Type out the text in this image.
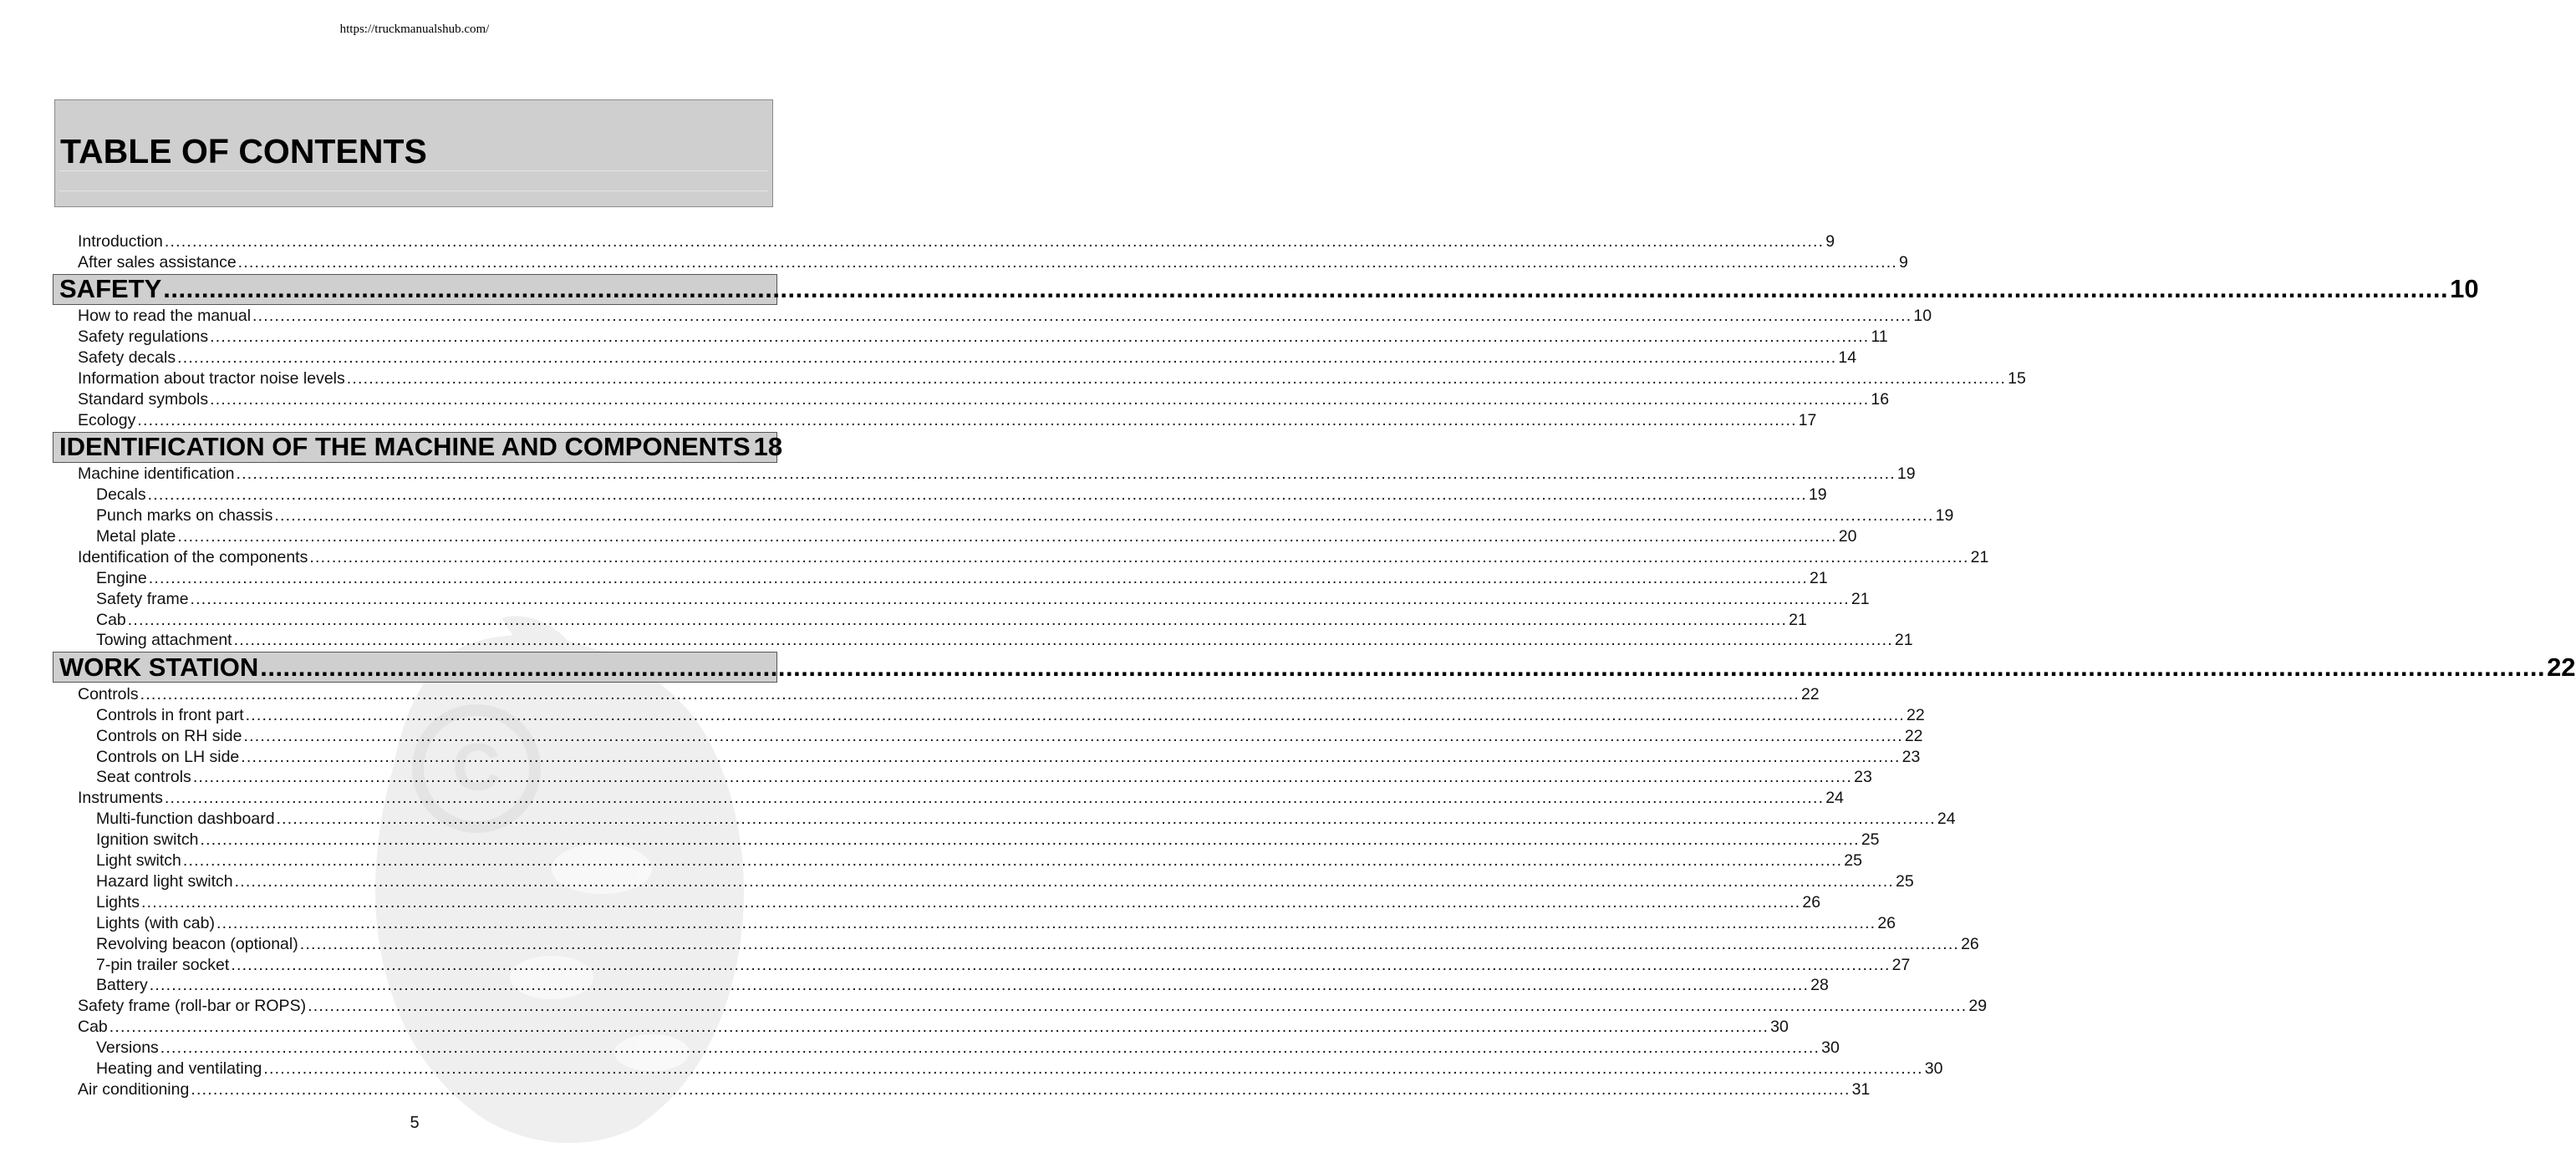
https://truckmanualshub.com/
C
TABLE OF CONTENTS
Introduction ............................................................................................................................................................................................................................................................................................................ 9
After sales assistance ............................................................................................................................................................................................................................................................................................................ 9
SAFETY ............................................................................................................................................................................................................................................................................................................ 10
How to read the manual ............................................................................................................................................................................................................................................................................................................ 10
Safety regulations ............................................................................................................................................................................................................................................................................................................ 11
Safety decals ............................................................................................................................................................................................................................................................................................................ 14
Information about tractor noise levels ............................................................................................................................................................................................................................................................................................................ 15
Standard symbols ............................................................................................................................................................................................................................................................................................................ 16
Ecology ............................................................................................................................................................................................................................................................................................................ 17
IDENTIFICATION OF THE MACHINE AND COMPONENTS 18
Machine identification ............................................................................................................................................................................................................................................................................................................ 19
Decals ............................................................................................................................................................................................................................................................................................................ 19
Punch marks on chassis ............................................................................................................................................................................................................................................................................................................ 19
Metal plate ............................................................................................................................................................................................................................................................................................................ 20
Identification of the components ............................................................................................................................................................................................................................................................................................................ 21
Engine ............................................................................................................................................................................................................................................................................................................ 21
Safety frame ............................................................................................................................................................................................................................................................................................................ 21
Cab ............................................................................................................................................................................................................................................................................................................ 21
Towing attachment ............................................................................................................................................................................................................................................................................................................ 21
WORK STATION ............................................................................................................................................................................................................................................................................................................ 22
Controls ............................................................................................................................................................................................................................................................................................................ 22
Controls in front part ............................................................................................................................................................................................................................................................................................................ 22
Controls on RH side ............................................................................................................................................................................................................................................................................................................ 22
Controls on LH side ............................................................................................................................................................................................................................................................................................................ 23
Seat controls ............................................................................................................................................................................................................................................................................................................ 23
Instruments ............................................................................................................................................................................................................................................................................................................ 24
Multi-function dashboard ............................................................................................................................................................................................................................................................................................................ 24
Ignition switch ............................................................................................................................................................................................................................................................................................................ 25
Light switch ............................................................................................................................................................................................................................................................................................................ 25
Hazard light switch ............................................................................................................................................................................................................................................................................................................ 25
Lights ............................................................................................................................................................................................................................................................................................................ 26
Lights (with cab) ............................................................................................................................................................................................................................................................................................................ 26
Revolving beacon (optional) ............................................................................................................................................................................................................................................................................................................ 26
7-pin trailer socket ............................................................................................................................................................................................................................................................................................................ 27
Battery ............................................................................................................................................................................................................................................................................................................ 28
Safety frame (roll-bar or ROPS) ............................................................................................................................................................................................................................................................................................................ 29
Cab ............................................................................................................................................................................................................................................................................................................ 30
Versions ............................................................................................................................................................................................................................................................................................................ 30
Heating and ventilating ............................................................................................................................................................................................................................................................................................................ 30
Air conditioning ............................................................................................................................................................................................................................................................................................................ 31
5
